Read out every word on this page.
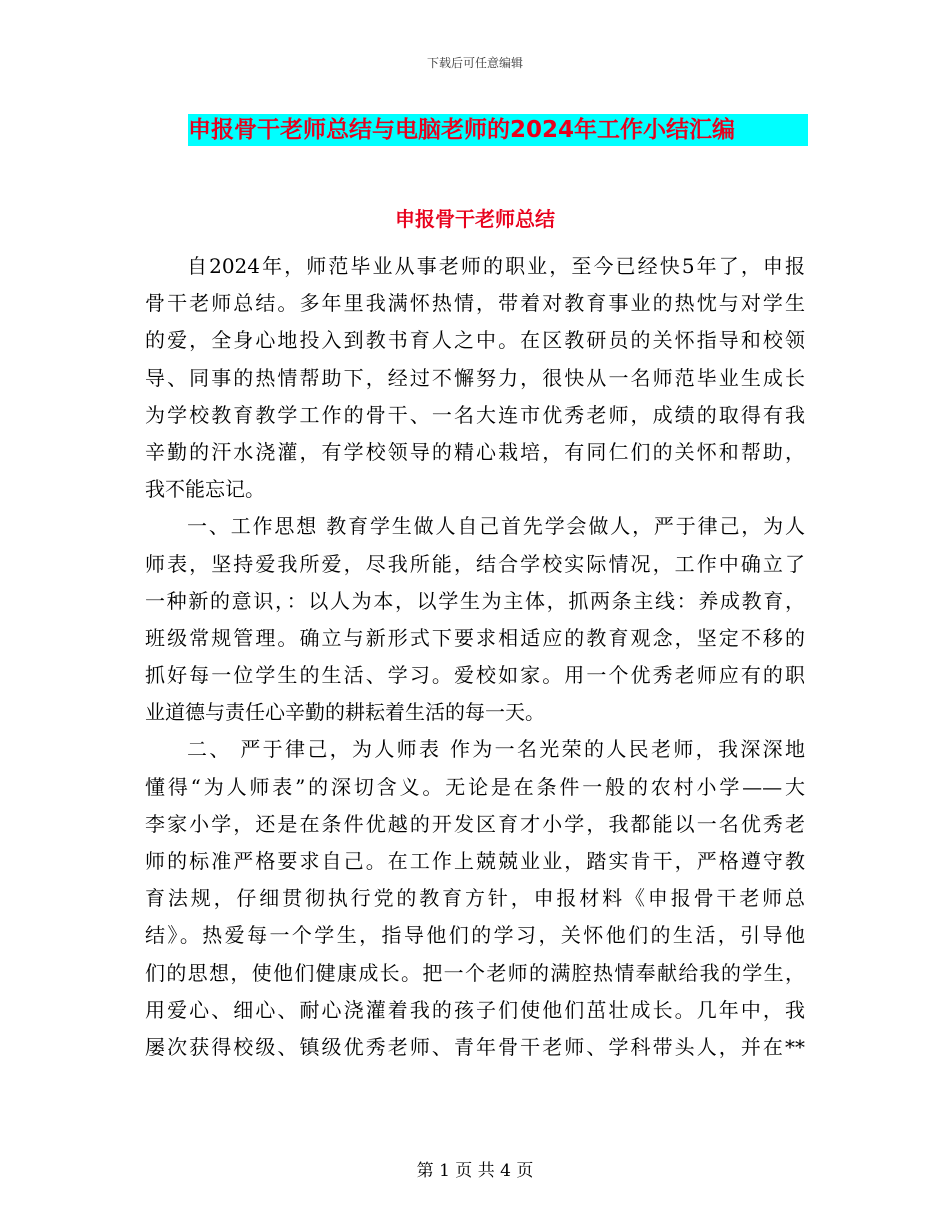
下载后可任意编辑
申报骨干老师总结与电脑老师的2024年工作小结汇编
申报骨干老师总结
自2024年，师范毕业从事老师的职业，至今已经快5年了，申报
骨干老师总结。多年里我满怀热情，带着对教育事业的热忱与对学生
的爱，全身心地投入到教书育人之中。在区教研员的关怀指导和校领
导、同事的热情帮助下，经过不懈努力，很快从一名师范毕业生成长
为学校教育教学工作的骨干、一名大连市优秀老师，成绩的取得有我
辛勤的汗水浇灌，有学校领导的精心栽培，有同仁们的关怀和帮助，
我不能忘记。
一、工作思想 教育学生做人自己首先学会做人，严于律己，为人
师表，坚持爱我所爱，尽我所能，结合学校实际情况，工作中确立了
一种新的意识，：以人为本，以学生为主体，抓两条主线：养成教育，
班级常规管理。确立与新形式下要求相适应的教育观念，坚定不移的
抓好每一位学生的生活、学习。爱校如家。用一个优秀老师应有的职
业道德与责任心辛勤的耕耘着生活的每一天。
二、 严于律己，为人师表 作为一名光荣的人民老师，我深深地
懂得“为人师表”的深切含义。无论是在条件一般的农村小学——大
李家小学，还是在条件优越的开发区育才小学，我都能以一名优秀老
师的标准严格要求自己。在工作上兢兢业业，踏实肯干，严格遵守教
育法规，仔细贯彻执行党的教育方针，申报材料《申报骨干老师总
结》。热爱每一个学生，指导他们的学习，关怀他们的生活，引导他
们的思想，使他们健康成长。把一个老师的满腔热情奉献给我的学生，
用爱心、细心、耐心浇灌着我的孩子们使他们茁壮成长。几年中，我
屡次获得校级、镇级优秀老师、青年骨干老师、学科带头人，并在**
第 1 页 共 4 页
